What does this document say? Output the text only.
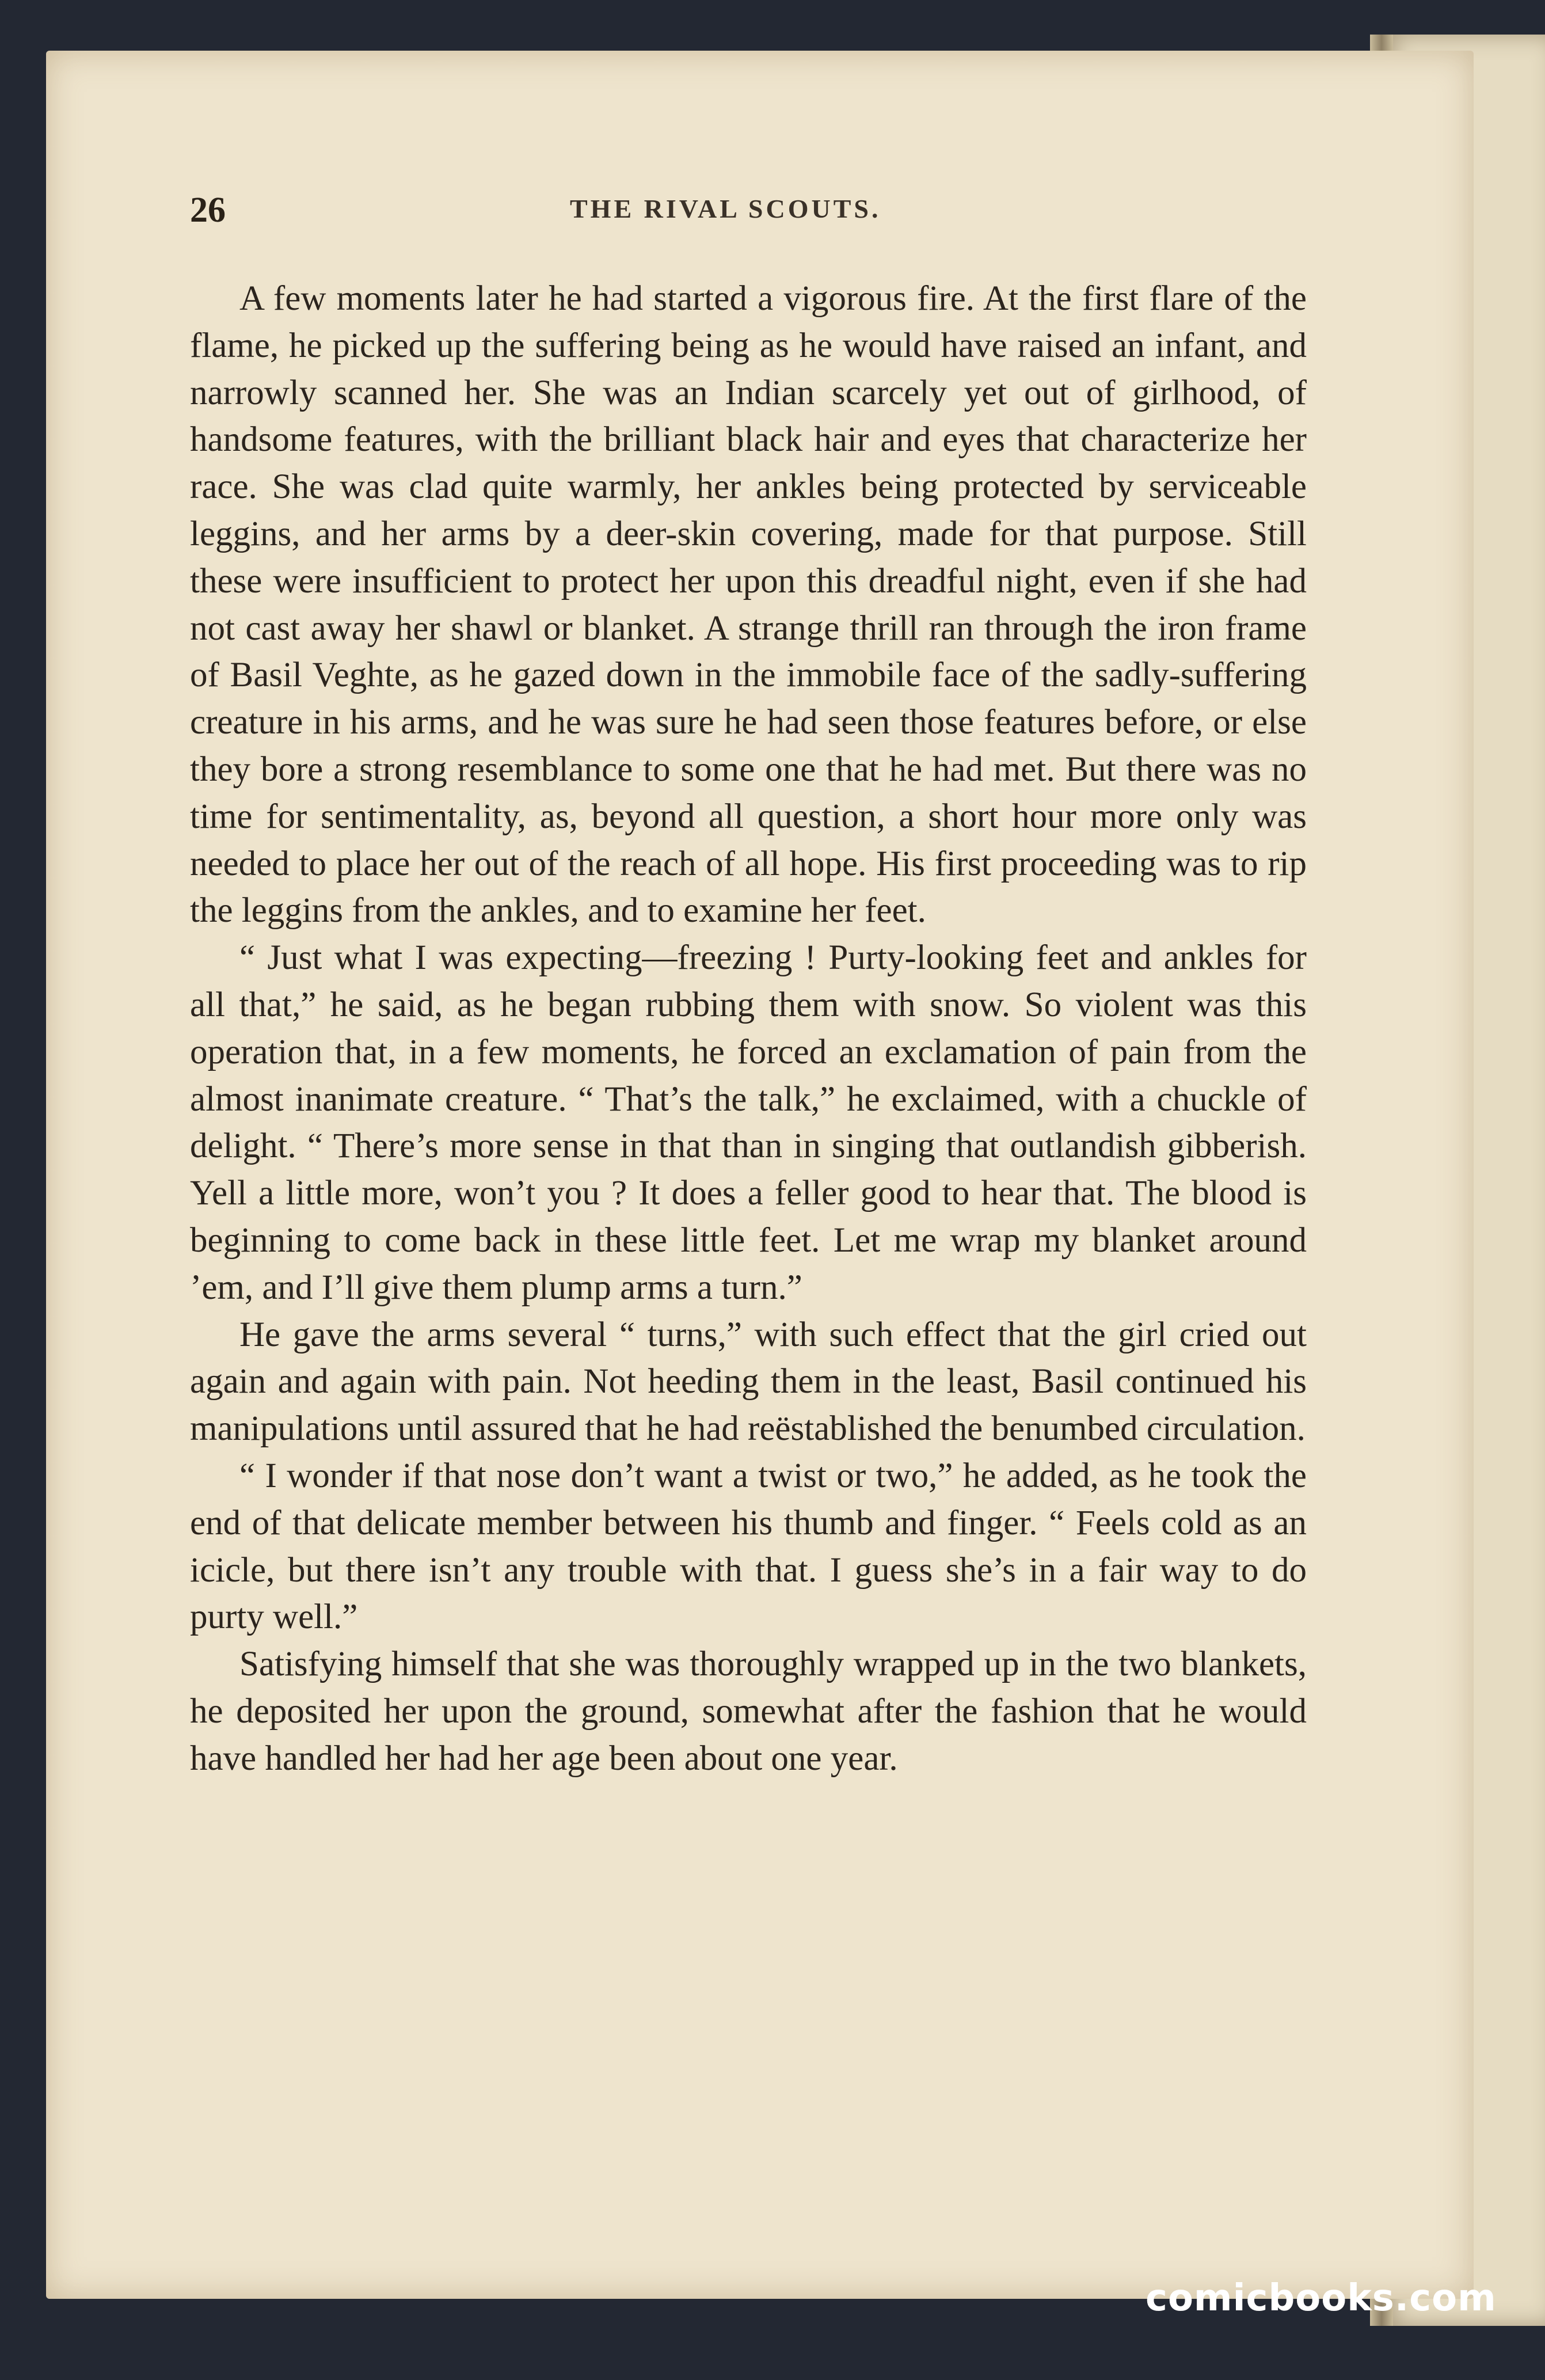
26	THE RIVAL SCOUTS.

A few moments later he had started a vigorous fire. At the first flare of the flame, he picked up the suffering being as he would have raised an infant, and narrowly scanned her. She was an Indian scarcely yet out of girlhood, of handsome features, with the brilliant black hair and eyes that characterize her race. She was clad quite warmly, her ankles being protected by serviceable leggins, and her arms by a deer-skin covering, made for that purpose. Still these were insufficient to protect her upon this dreadful night, even if she had not cast away her shawl or blanket. A strange thrill ran through the iron frame of Basil Veghte, as he gazed down in the immobile face of the sadly-suffering creature in his arms, and he was sure he had seen those features before, or else they bore a strong resemblance to some one that he had met. But there was no time for sentimentality, as, beyond all question, a short hour more only was needed to place her out of the reach of all hope. His first proceeding was to rip the leggins from the ankles, and to examine her feet.

“ Just what I was expecting—freezing ! Purty-looking feet and ankles for all that,” he said, as he began rubbing them with snow. So violent was this operation that, in a few moments, he forced an exclamation of pain from the almost inanimate creature. “ That’s the talk,” he exclaimed, with a chuckle of delight. “ There’s more sense in that than in singing that outlandish gibberish. Yell a little more, won’t you ? It does a feller good to hear that. The blood is beginning to come back in these little feet. Let me wrap my blanket around ’em, and I’ll give them plump arms a turn.”

He gave the arms several “ turns,” with such effect that the girl cried out again and again with pain. Not heeding them in the least, Basil continued his manipulations until assured that he had reëstablished the benumbed circulation.

“ I wonder if that nose don’t want a twist or two,” he added, as he took the end of that delicate member between his thumb and finger. “ Feels cold as an icicle, but there isn’t any trouble with that. I guess she’s in a fair way to do purty well.”

Satisfying himself that she was thoroughly wrapped up in the two blankets, he deposited her upon the ground, somewhat after the fashion that he would have handled her had her age been about one year.

comicbooks.com
